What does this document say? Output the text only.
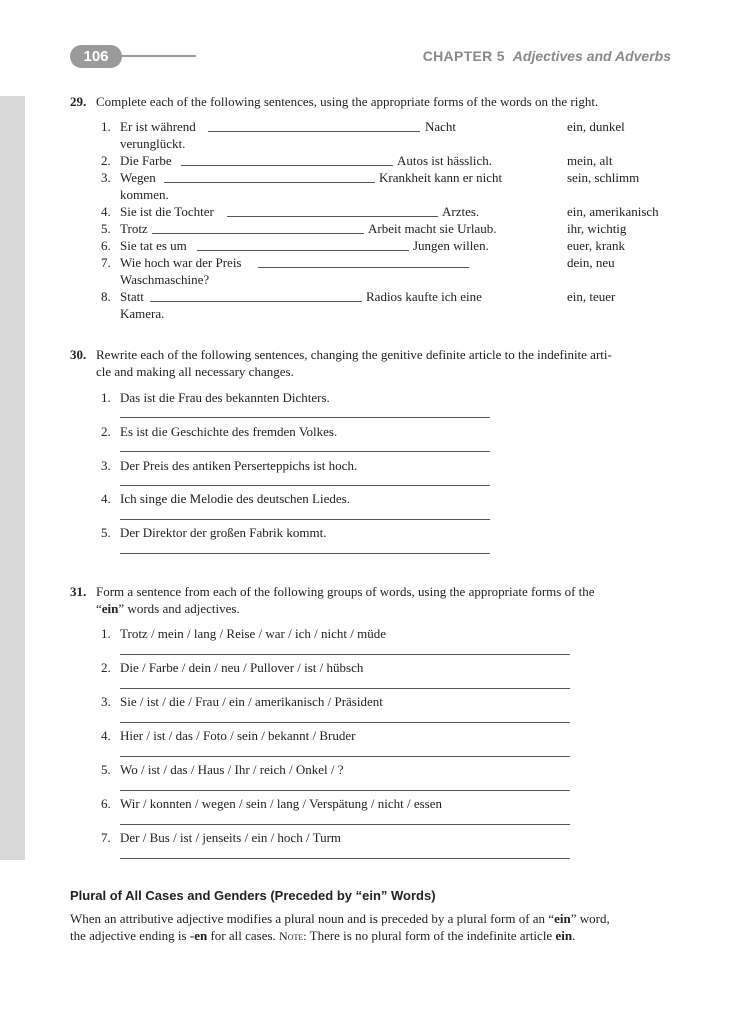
106	CHAPTER 5 Adjectives and Adverbs
29. Complete each of the following sentences, using the appropriate forms of the words on the right.
1. Er ist während	Nacht	ein, dunkel
verunglückt.
2. Die Farbe	Autos ist hässlich.	mein, alt
3. Wegen	Krankheit kann er nicht	sein, schlimm
kommen.
4. Sie ist die Tochter	Arztes.	ein, amerikanisch
5. Trotz	Arbeit macht sie Urlaub.	ihr, wichtig
6. Sie tat es um	Jungen willen.	euer, krank
7. Wie hoch war der Preis	dein, neu
Waschmaschine?
8. Statt	Radios kaufte ich eine	ein, teuer
Kamera.
30. Rewrite each of the following sentences, changing the genitive definite article to the indefinite arti-
cle and making all necessary changes.
1. Das ist die Frau des bekannten Dichters.
2. Es ist die Geschichte des fremden Volkes.
3. Der Preis des antiken Perserteppichs ist hoch.
4. Ich singe die Melodie des deutschen Liedes.
5. Der Direktor der großen Fabrik kommt.
31. Form a sentence from each of the following groups of words, using the appropriate forms of the
“ein” words and adjectives.
1. Trotz / mein / lang / Reise / war / ich / nicht / müde
2. Die / Farbe / dein / neu / Pullover / ist / hübsch
3. Sie / ist / die / Frau / ein / amerikanisch / Präsident
4. Hier / ist / das / Foto / sein / bekannt / Bruder
5. Wo / ist / das / Haus / Ihr / reich / Onkel / ?
6. Wir / konnten / wegen / sein / lang / Verspätung / nicht / essen
7. Der / Bus / ist / jenseits / ein / hoch / Turm
Plural of All Cases and Genders (Preceded by “ein” Words)
When an attributive adjective modifies a plural noun and is preceded by a plural form of an “ein” word,
the adjective ending is -en for all cases. Note: There is no plural form of the indefinite article ein.
